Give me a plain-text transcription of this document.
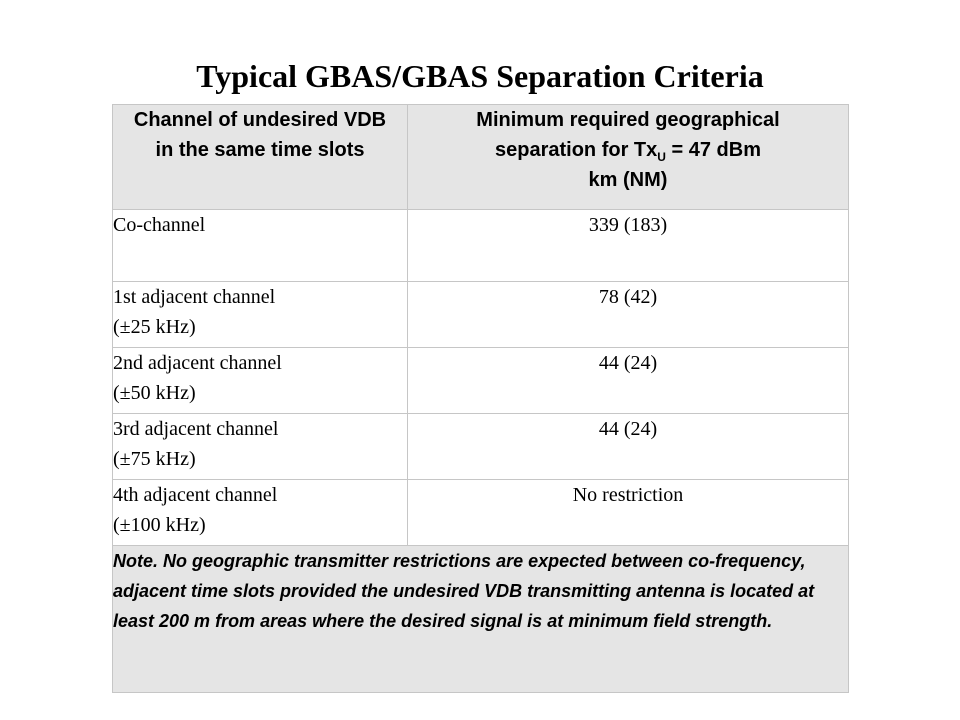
Typical GBAS/GBAS Separation Criteria
Channel of undesired VDB in the same time slots	Minimum required geographical
separation for $Tx_U = 47$ dBm
km (NM)

Co-channel	339 (183)

1st adjacent channel
(±25 kHz)	78 (42)

2nd adjacent channel
(±50 kHz)	44 (24)

3rd adjacent channel
(±75 kHz)	44 (24)

4th adjacent channel
(±100 kHz)	No restriction
Note. No geographic transmitter restrictions are expected between co-frequency, adjacent time slots provided the undesired VDB transmitting antenna is located at least 200 m from areas where the desired signal is at minimum field strength.	
